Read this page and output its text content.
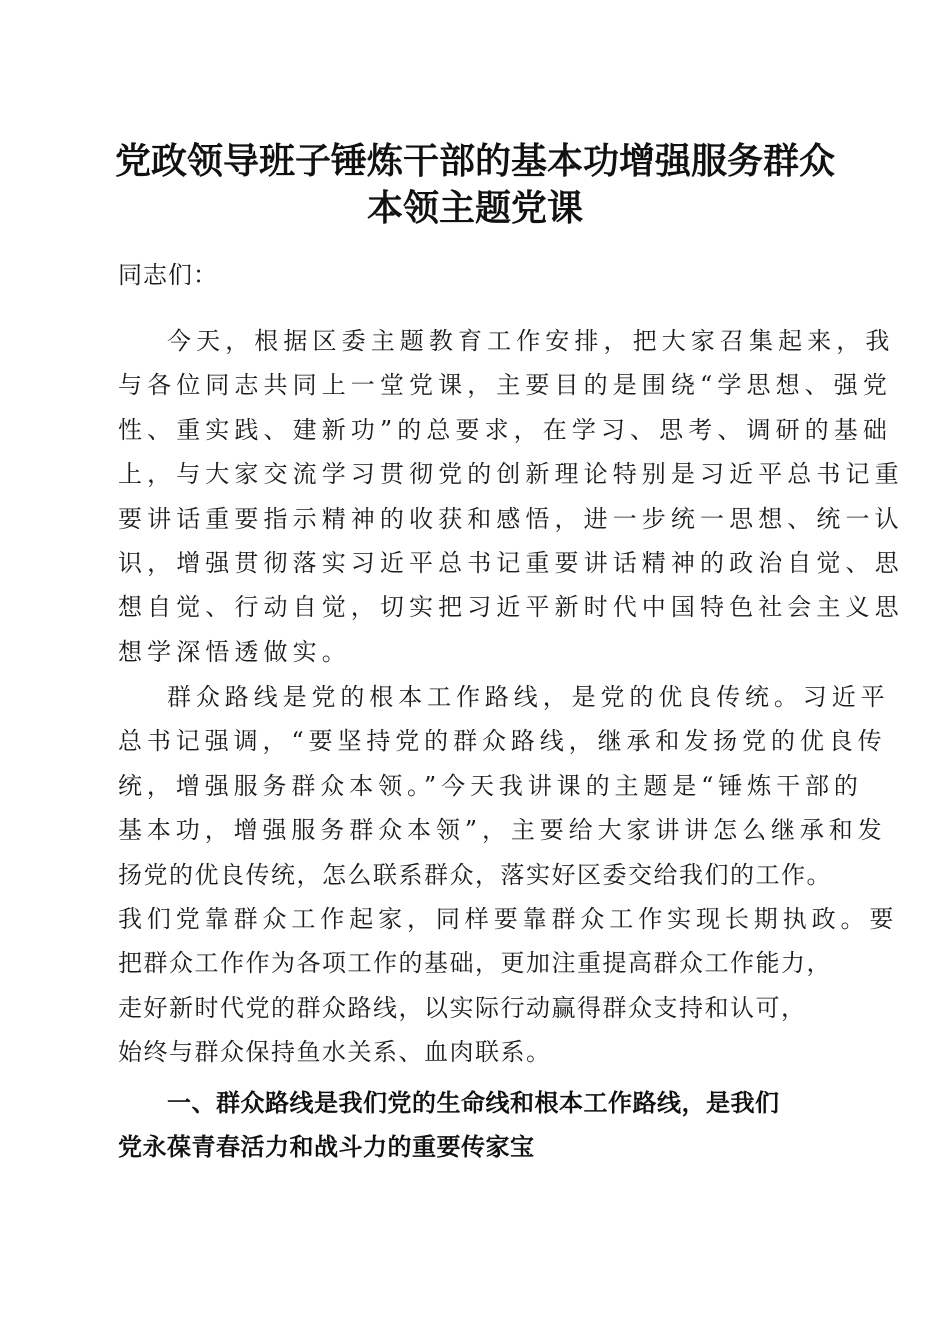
党政领导班子锤炼干部的基本功增强服务群众
本领主题党课
同志们：
今天，根据区委主题教育工作安排，把大家召集起来，我
与各位同志共同上一堂党课，主要目的是围绕“学思想、强党
性、重实践、建新功”的总要求，在学习、思考、调研的基础
上，与大家交流学习贯彻党的创新理论特别是习近平总书记重
要讲话重要指示精神的收获和感悟，进一步统一思想、统一认
识，增强贯彻落实习近平总书记重要讲话精神的政治自觉、思
想自觉、行动自觉，切实把习近平新时代中国特色社会主义思
想学深悟透做实。
群众路线是党的根本工作路线，是党的优良传统。习近平
总书记强调，“要坚持党的群众路线，继承和发扬党的优良传
统，增强服务群众本领。”今天我讲课的主题是“锤炼干部的
基本功，增强服务群众本领”，主要给大家讲讲怎么继承和发
扬党的优良传统，怎么联系群众，落实好区委交给我们的工作。
我们党靠群众工作起家，同样要靠群众工作实现长期执政。要
把群众工作作为各项工作的基础，更加注重提高群众工作能力，
走好新时代党的群众路线，以实际行动赢得群众支持和认可，
始终与群众保持鱼水关系、血肉联系。
一、群众路线是我们党的生命线和根本工作路线，是我们
党永葆青春活力和战斗力的重要传家宝
